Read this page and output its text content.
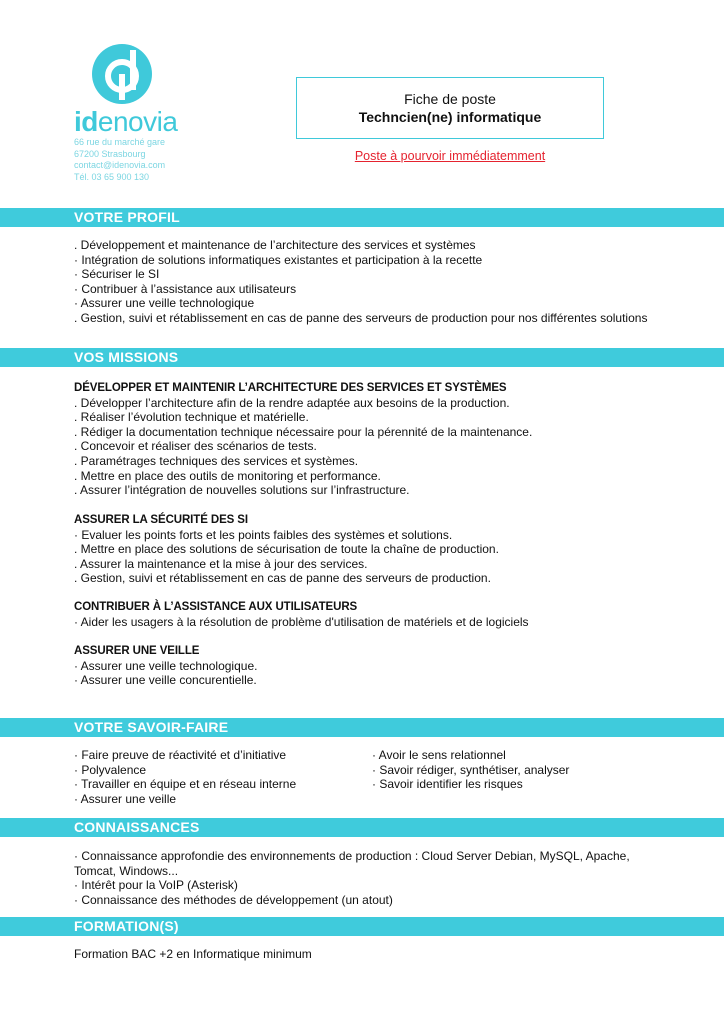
idenovia
66 rue du marché gare
67200 Strasbourg
contact@idenovia.com
Tél. 03 65 900 130
Fiche de poste
Techncien(ne) informatique
Poste à pourvoir immédiatemment
VOTRE PROFIL
. Développement et maintenance de l’architecture des services et systèmes
· Intégration de solutions informatiques existantes et participation à la recette
· Sécuriser le SI
· Contribuer à l’assistance aux utilisateurs
· Assurer une veille technologique
. Gestion, suivi et rétablissement en cas de panne des serveurs de production pour nos différentes solutions
VOS MISSIONS
DÉVELOPPER ET MAINTENIR L’ARCHITECTURE DES SERVICES ET SYSTÈMES
. Développer l’architecture afin de la rendre adaptée aux besoins de la production.
. Réaliser l’évolution technique et matérielle.
. Rédiger la documentation technique nécessaire pour la pérennité de la maintenance.
. Concevoir et réaliser des scénarios de tests.
. Paramétrages techniques des services et systèmes.
. Mettre en place des outils de monitoring et performance.
. Assurer l’intégration de nouvelles solutions sur l’infrastructure.
ASSURER LA SÉCURITÉ DES SI
· Evaluer les points forts et les points faibles des systèmes et solutions.
. Mettre en place des solutions de sécurisation de toute la chaîne de production.
. Assurer la maintenance et la mise à jour des services.
. Gestion, suivi et rétablissement en cas de panne des serveurs de production.
CONTRIBUER À L’ASSISTANCE AUX UTILISATEURS
· Aider les usagers à la résolution de problème d'utilisation de matériels et de logiciels
ASSURER UNE VEILLE
· Assurer une veille technologique.
· Assurer une veille concurentielle.
VOTRE SAVOIR-FAIRE
· Faire preuve de réactivité et d’initiative
· Polyvalence
· Travailler en équipe et en réseau interne
· Assurer une veille
· Avoir le sens relationnel
· Savoir rédiger, synthétiser, analyser
· Savoir identifier les risques
CONNAISSANCES
· Connaissance approfondie des environnements de production : Cloud Server Debian, MySQL, Apache,
Tomcat, Windows...
· Intérêt pour la VoIP (Asterisk)
· Connaissance des méthodes de développement (un atout)
FORMATION(S)
Formation BAC +2 en Informatique minimum
